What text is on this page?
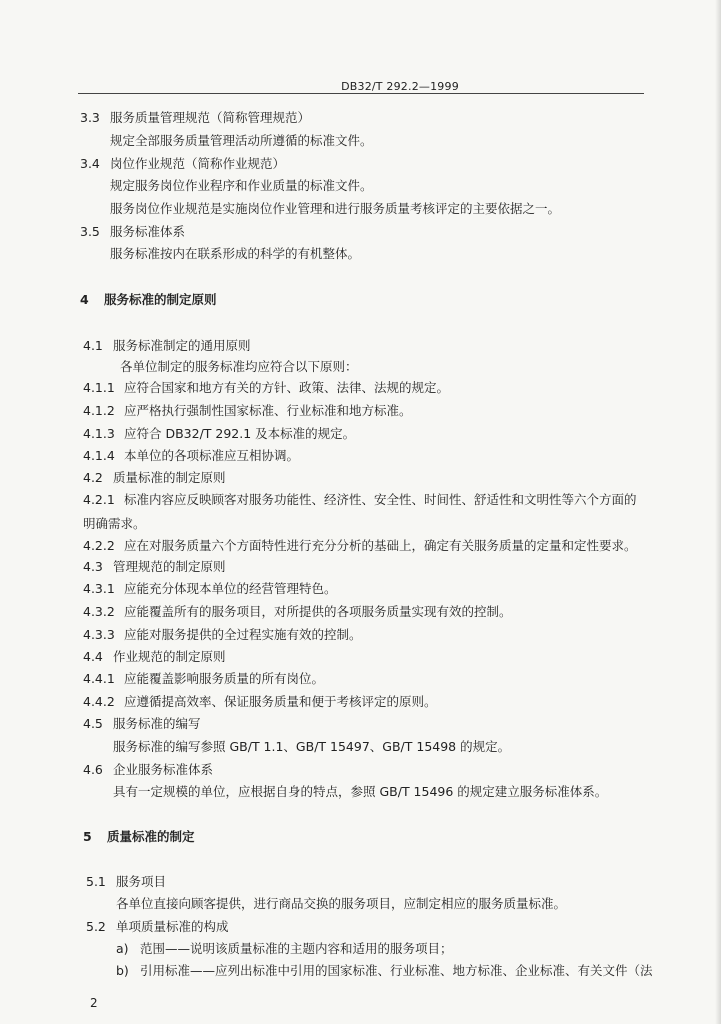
DB32/T 292.2—1999
3.3 服务质量管理规范（简称管理规范）
规定全部服务质量管理活动所遵循的标准文件。
3.4 岗位作业规范（简称作业规范）
规定服务岗位作业程序和作业质量的标准文件。
服务岗位作业规范是实施岗位作业管理和进行服务质量考核评定的主要依据之一。
3.5 服务标准体系
服务标准按内在联系形成的科学的有机整体。
4 服务标准的制定原则
4.1 服务标准制定的通用原则
各单位制定的服务标准均应符合以下原则：
4.1.1 应符合国家和地方有关的方针、政策、法律、法规的规定。
4.1.2 应严格执行强制性国家标准、行业标准和地方标准。
4.1.3 应符合 DB32/T 292.1 及本标准的规定。
4.1.4 本单位的各项标准应互相协调。
4.2 质量标准的制定原则
4.2.1 标准内容应反映顾客对服务功能性、经济性、安全性、时间性、舒适性和文明性等六个方面的
明确需求。
4.2.2 应在对服务质量六个方面特性进行充分分析的基础上，确定有关服务质量的定量和定性要求。
4.3 管理规范的制定原则
4.3.1 应能充分体现本单位的经营管理特色。
4.3.2 应能覆盖所有的服务项目，对所提供的各项服务质量实现有效的控制。
4.3.3 应能对服务提供的全过程实施有效的控制。
4.4 作业规范的制定原则
4.4.1 应能覆盖影响服务质量的所有岗位。
4.4.2 应遵循提高效率、保证服务质量和便于考核评定的原则。
4.5 服务标准的编写
服务标准的编写参照 GB/T 1.1、GB/T 15497、GB/T 15498 的规定。
4.6 企业服务标准体系
具有一定规模的单位，应根据自身的特点，参照 GB/T 15496 的规定建立服务标准体系。
5 质量标准的制定
5.1 服务项目
各单位直接向顾客提供，进行商品交换的服务项目，应制定相应的服务质量标准。
5.2 单项质量标准的构成
a) 范围——说明该质量标准的主题内容和适用的服务项目；
b) 引用标准——应列出标准中引用的国家标准、行业标准、地方标准、企业标准、有关文件（法
2
